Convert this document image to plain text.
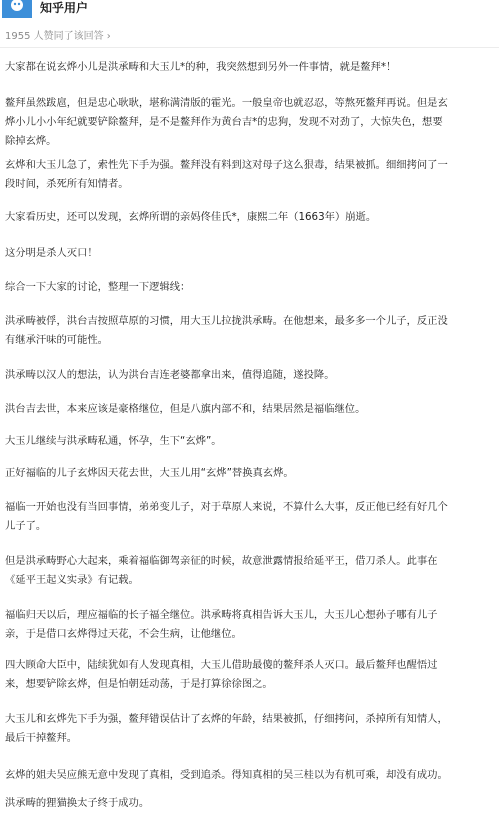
知乎用户
1955 人赞同了该回答 ›
大家都在说玄烨小儿是洪承畴和大玉儿*的种，我突然想到另外一件事情，就是鳌拜*！
鳌拜虽然跋扈，但是忠心耿耿，堪称满清版的霍光。一般皇帝也就忍忍，等熬死鳌拜再说。但是玄
烨小儿小小年纪就要铲除鳌拜，是不是鳌拜作为黄台吉*的忠狗，发现不对劲了，大惊失色，想要
除掉玄烨。
玄烨和大玉儿急了，索性先下手为强。鳌拜没有料到这对母子这么狠毒，结果被抓。细细拷问了一
段时间，杀死所有知情者。
大家看历史，还可以发现，玄烨所谓的亲妈佟佳氏*，康熙二年（1663年）崩逝。
这分明是杀人灭口！
综合一下大家的讨论，整理一下逻辑线：
洪承畴被俘，洪台吉按照草原的习惯，用大玉儿拉拢洪承畴。在他想来，最多多一个儿子，反正没
有继承汗味的可能性。
洪承畴以汉人的想法，认为洪台吉连老婆都拿出来，值得追随，遂投降。
洪台吉去世，本来应该是豪格继位，但是八旗内部不和，结果居然是福临继位。
大玉儿继续与洪承畴私通，怀孕，生下“玄烨”。
正好福临的儿子玄烨因天花去世，大玉儿用“玄烨”替换真玄烨。
福临一开始也没有当回事情，弟弟变儿子，对于草原人来说，不算什么大事，反正他已经有好几个
儿子了。
但是洪承畴野心大起来，乘着福临御驾亲征的时候，故意泄露情报给延平王，借刀杀人。此事在
《延平王起义实录》有记载。
福临归天以后，理应福临的长子福全继位。洪承畴将真相告诉大玉儿，大玉儿心想孙子哪有儿子
亲，于是借口玄烨得过天花，不会生病，让他继位。
四大顾命大臣中，陆续犹如有人发现真相，大玉儿借助最傻的鳌拜杀人灭口。最后鳌拜也醒悟过
来，想要铲除玄烨，但是怕朝廷动荡，于是打算徐徐图之。
大玉儿和玄烨先下手为强，鳌拜错误估计了玄烨的年龄，结果被抓，仔细拷问，杀掉所有知情人，
最后干掉鳌拜。
玄烨的姐夫吴应熊无意中发现了真相，受到追杀。得知真相的吴三桂以为有机可乘，却没有成功。
洪承畴的狸猫换太子终于成功。
